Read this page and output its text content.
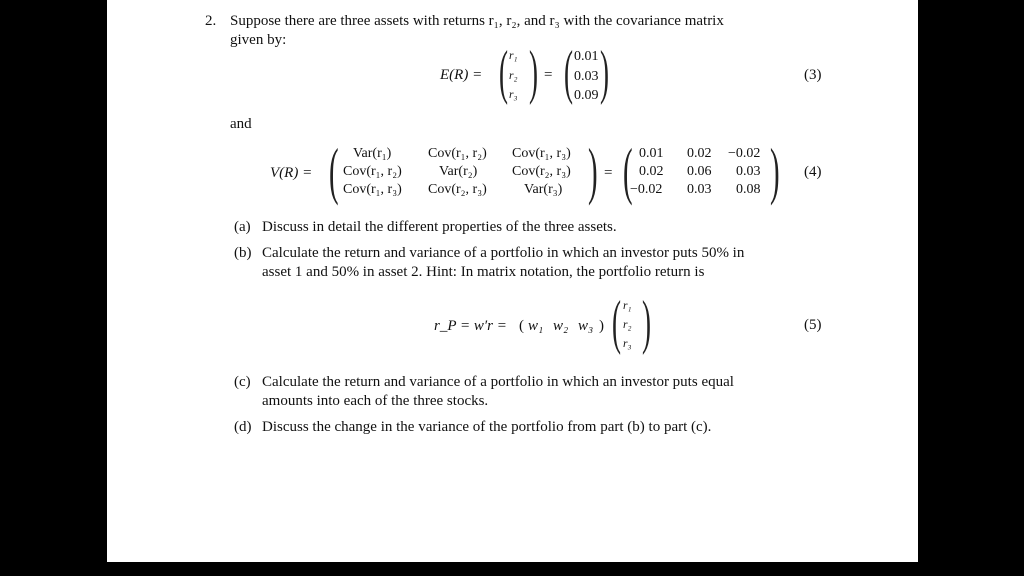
2. Suppose there are three assets with returns r₁, r₂, and r₃ with the covariance matrix
given by:
E(R) = ( r₁
r₂
r₃ ) = ( 0.01
0.03
0.09 )	(3)
and
V(R) = ( Var(r₁)	Cov(r₁, r₂) Cov(r₁, r₃)
Cov(r₁, r₂)	Var(r₂) Cov(r₂, r₃)
Cov(r₁, r₃) Cov(r₂, r₃)	Var(r₃) ) = ( 0.01 0.02 −0.02
0.02 0.06 0.03
−0.02 0.03 0.08 ) (4)
(a) Discuss in detail the different properties of the three assets.
(b) Calculate the return and variance of a portfolio in which an investor puts 50% in
asset 1 and 50% in asset 2. Hint: In matrix notation, the portfolio return is
r_P = w′r = ( w₁ w₂ w₃ ) ( r₁
r₂
r₃ )	(5)
(c) Calculate the return and variance of a portfolio in which an investor puts equal
amounts into each of the three stocks.
(d) Discuss the change in the variance of the portfolio from part (b) to part (c).
